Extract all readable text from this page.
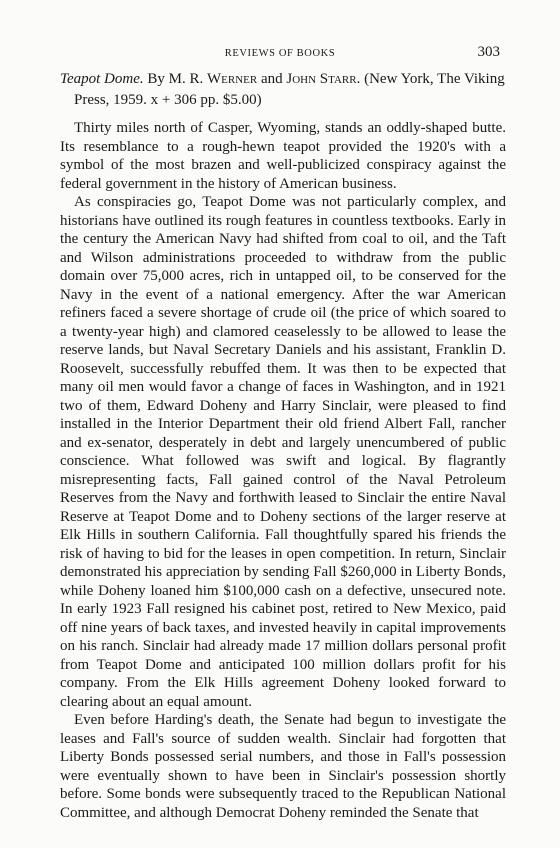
REVIEWS OF BOOKS	303
Teapot Dome. By M. R. Werner and John Starr. (New York, The Viking Press, 1959. x + 306 pp. $5.00)

Thirty miles north of Casper, Wyoming, stands an oddly-shaped butte. Its resemblance to a rough-hewn teapot provided the 1920's with a symbol of the most brazen and well-publicized conspiracy against the federal government in the history of American business.

As conspiracies go, Teapot Dome was not particularly complex, and historians have outlined its rough features in countless textbooks. Early in the century the American Navy had shifted from coal to oil, and the Taft and Wilson administrations proceeded to withdraw from the public domain over 75,000 acres, rich in untapped oil, to be conserved for the Navy in the event of a national emergency. After the war American refiners faced a severe shortage of crude oil (the price of which soared to a twenty-year high) and clamored ceaselessly to be allowed to lease the reserve lands, but Naval Secretary Daniels and his assistant, Franklin D. Roosevelt, successfully rebuffed them. It was then to be expected that many oil men would favor a change of faces in Washington, and in 1921 two of them, Edward Doheny and Harry Sinclair, were pleased to find installed in the Interior Department their old friend Albert Fall, rancher and ex-senator, desperately in debt and largely unencumbered of public conscience. What followed was swift and logical. By flagrantly misrepresenting facts, Fall gained control of the Naval Petroleum Reserves from the Navy and forthwith leased to Sinclair the entire Naval Reserve at Teapot Dome and to Doheny sections of the larger reserve at Elk Hills in southern California. Fall thoughtfully spared his friends the risk of having to bid for the leases in open competition. In return, Sinclair demonstrated his appreciation by sending Fall $260,000 in Liberty Bonds, while Doheny loaned him $100,000 cash on a defective, unsecured note. In early 1923 Fall resigned his cabinet post, retired to New Mexico, paid off nine years of back taxes, and invested heavily in capital improvements on his ranch. Sinclair had already made 17 million dollars personal profit from Teapot Dome and anticipated 100 million dollars profit for his company. From the Elk Hills agreement Doheny looked forward to clearing about an equal amount.

Even before Harding's death, the Senate had begun to investigate the leases and Fall's source of sudden wealth. Sinclair had forgotten that Liberty Bonds possessed serial numbers, and those in Fall's possession were eventually shown to have been in Sinclair's possession shortly before. Some bonds were subsequently traced to the Republican National Committee, and although Democrat Doheny reminded the Senate that
